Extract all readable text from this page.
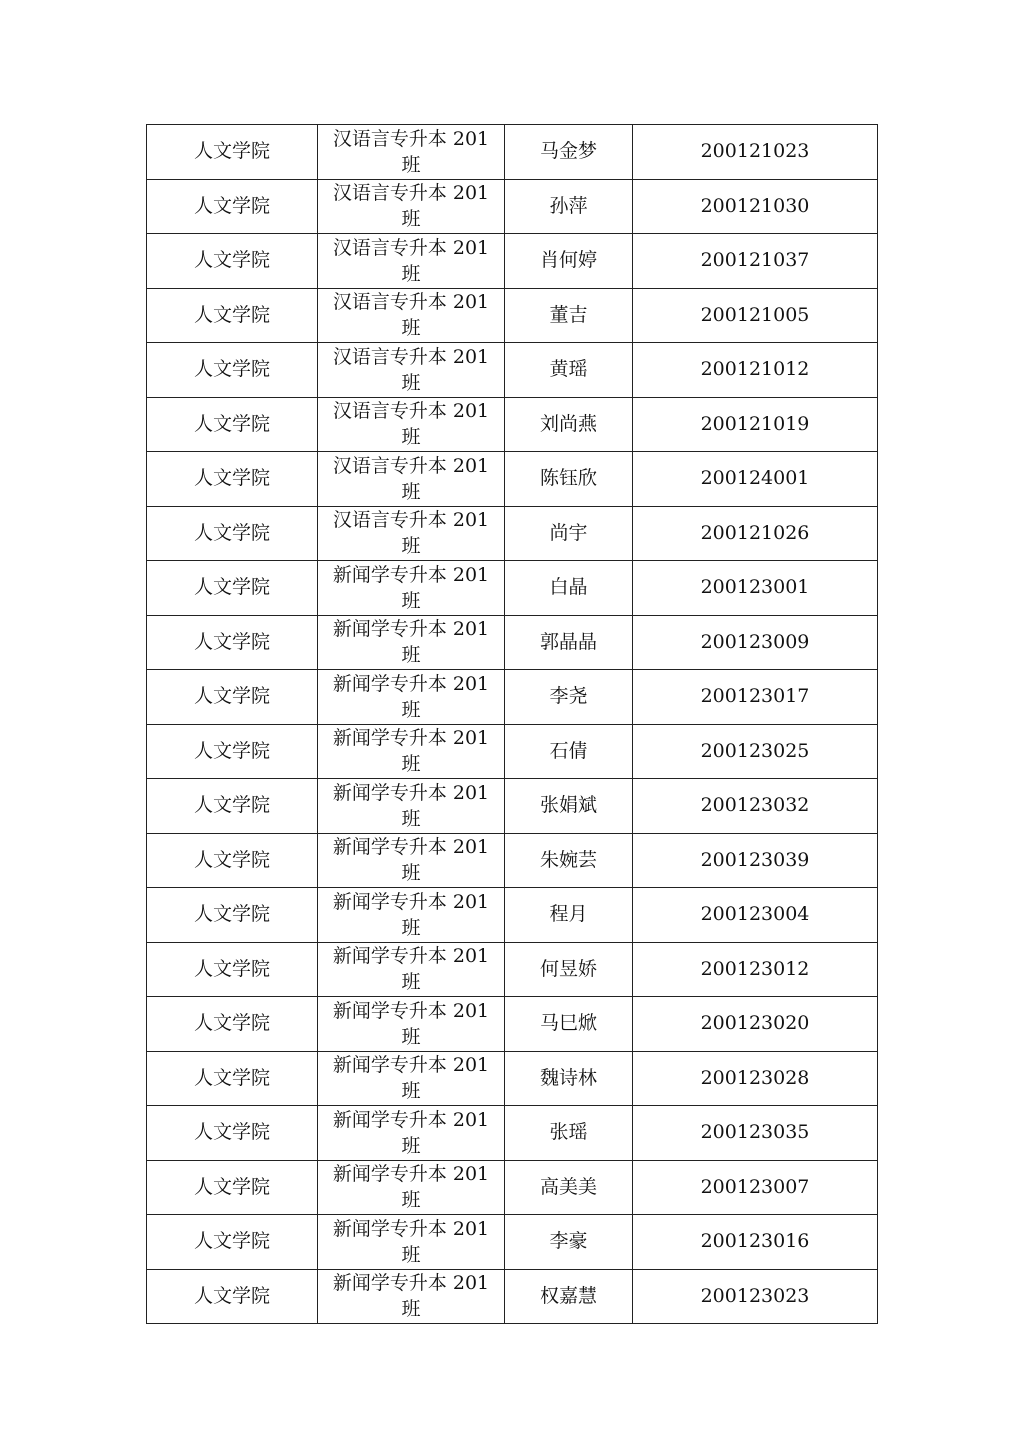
人文学院	汉语言专升本 201 班	马金梦	200121023
人文学院	汉语言专升本 201 班	孙萍	200121030
人文学院	汉语言专升本 201 班	肖何婷	200121037
人文学院	汉语言专升本 201 班	董吉	200121005
人文学院	汉语言专升本 201 班	黄瑶	200121012
人文学院	汉语言专升本 201 班	刘尚燕	200121019
人文学院	汉语言专升本 201 班	陈钰欣	200124001
人文学院	汉语言专升本 201 班	尚宇	200121026
人文学院	新闻学专升本 201 班	白晶	200123001
人文学院	新闻学专升本 201 班	郭晶晶	200123009
人文学院	新闻学专升本 201 班	李尧	200123017
人文学院	新闻学专升本 201 班	石倩	200123025
人文学院	新闻学专升本 201 班	张娟斌	200123032
人文学院	新闻学专升本 201 班	朱婉芸	200123039
人文学院	新闻学专升本 201 班	程月	200123004
人文学院	新闻学专升本 201 班	何昱娇	200123012
人文学院	新闻学专升本 201 班	马巳焮	200123020
人文学院	新闻学专升本 201 班	魏诗林	200123028
人文学院	新闻学专升本 201 班	张瑶	200123035
人文学院	新闻学专升本 201 班	高美美	200123007
人文学院	新闻学专升本 201 班	李豪	200123016
人文学院	新闻学专升本 201 班	权嘉慧	200123023
